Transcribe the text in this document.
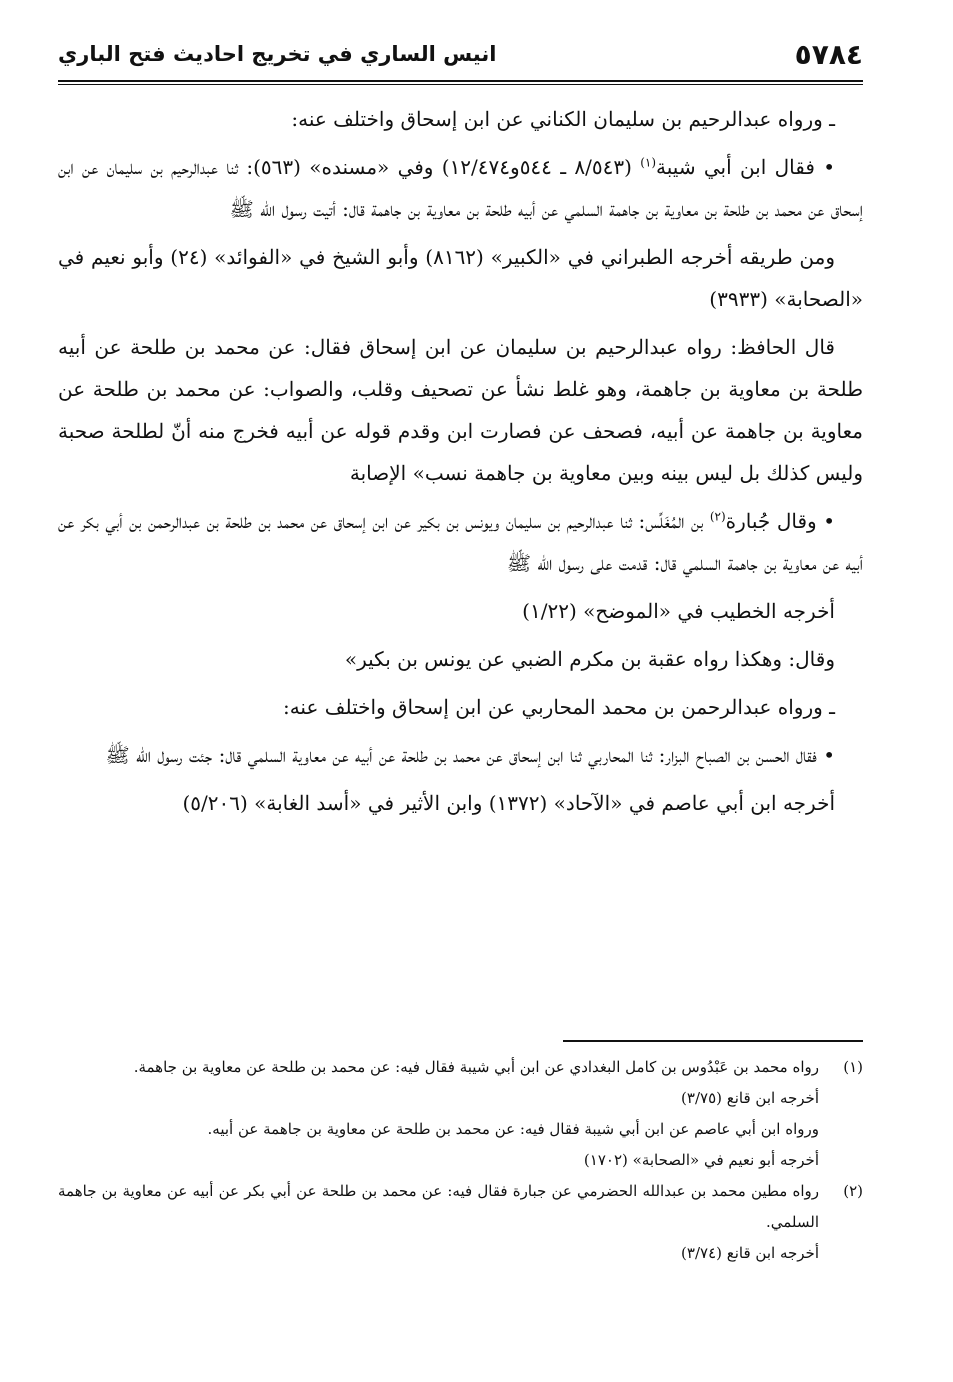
٥٧٨٤
انيس الساري في تخريج احاديث فتح الباري

ـ ورواه عبدالرحيم بن سليمان الكناني عن ابن إسحاق واختلف عنه:

• فقال ابن أبي شيبة$^{(١)}$ (٨/٥٤٣ ـ ٥٤٤و١٢/٤٧٤) وفي «مسنده» (٥٦٣): ثنا عبدالرحيم بن سليمان عن ابن إسحاق عن محمد بن طلحة بن معاوية بن جاهمة السلمي عن أبيه طلحة بن معاوية بن جاهمة قال: أتيت رسول الله ﷺ

ومن طريقه أخرجه الطبراني في «الكبير» (٨١٦٢) وأبو الشيخ في «الفوائد» (٢٤) وأبو نعيم في «الصحابة» (٣٩٣٣)

قال الحافظ: رواه عبدالرحيم بن سليمان عن ابن إسحاق فقال: عن محمد بن طلحة عن أبيه طلحة بن معاوية بن جاهمة، وهو غلط نشأ عن تصحيف وقلب، والصواب: عن محمد بن طلحة عن معاوية بن جاهمة عن أبيه، فصحف عن فصارت ابن وقدم قوله عن أبيه فخرج منه أنّ لطلحة صحبة وليس كذلك بل ليس بينه وبين معاوية بن جاهمة نسب» الإصابة

• وقال جُبارة$^{(٢)}$ بن المُغَلِّس: ثنا عبدالرحيم بن سليمان ويونس بن بكير عن ابن إسحاق عن محمد بن طلحة بن عبدالرحمن بن أبي بكر عن أبيه عن معاوية بن جاهمة السلمي قال: قدمت على رسول الله ﷺ

أخرجه الخطيب في «الموضح» (١/٢٢)

وقال: وهكذا رواه عقبة بن مكرم الضبي عن يونس بن بكير»

ـ ورواه عبدالرحمن بن محمد المحاربي عن ابن إسحاق واختلف عنه:

• فقال الحسن بن الصباح البزار: ثنا المحاربي ثنا ابن إسحاق عن محمد بن طلحة عن أبيه عن معاوية السلمي قال: جئت رسول الله ﷺ

أخرجه ابن أبي عاصم في «الآحاد» (١٣٧٢) وابن الأثير في «أسد الغابة» (٥/٢٠٦)

(١)
رواه محمد بن عَبْدُوس بن كامل البغدادي عن ابن أبي شيبة فقال فيه: عن محمد بن طلحة عن معاوية بن جاهمة.
أخرجه ابن قانع (٣/٧٥)
ورواه ابن أبي عاصم عن ابن أبي شيبة فقال فيه: عن محمد بن طلحة عن معاوية بن جاهمة عن أبيه.
أخرجه أبو نعيم في «الصحابة» (١٧٠٢)
(٢)
رواه مطين محمد بن عبدالله الحضرمي عن جبارة فقال فيه: عن محمد بن طلحة عن أبي بكر عن أبيه عن معاوية بن جاهمة السلمي.
أخرجه ابن قانع (٣/٧٤)
